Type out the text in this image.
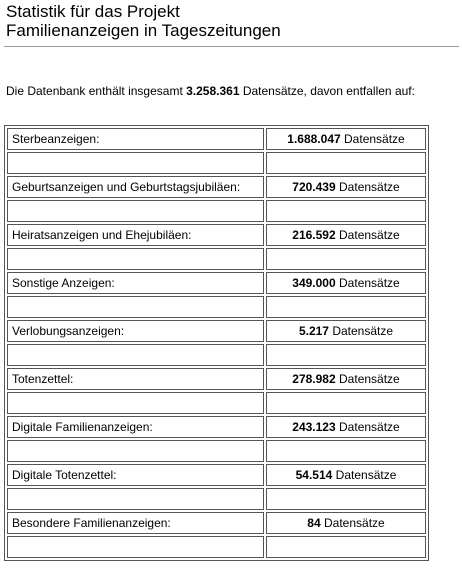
Statistik für das Projekt
Familienanzeigen in Tageszeitungen

Die Datenbank enthält insgesamt 3.258.361 Datensätze, davon entfallen auf:

Sterbeanzeigen:	1.688.047 Datensätze

Geburtsanzeigen und Geburtstagsjubiläen:	720.439 Datensätze

Heiratsanzeigen und Ehejubiläen:	216.592 Datensätze

Sonstige Anzeigen:	349.000 Datensätze

Verlobungsanzeigen:	5.217 Datensätze

Totenzettel:	278.982 Datensätze

Digitale Familienanzeigen:	243.123 Datensätze

Digitale Totenzettel:	54.514 Datensätze

Besondere Familienanzeigen:	84 Datensätze
